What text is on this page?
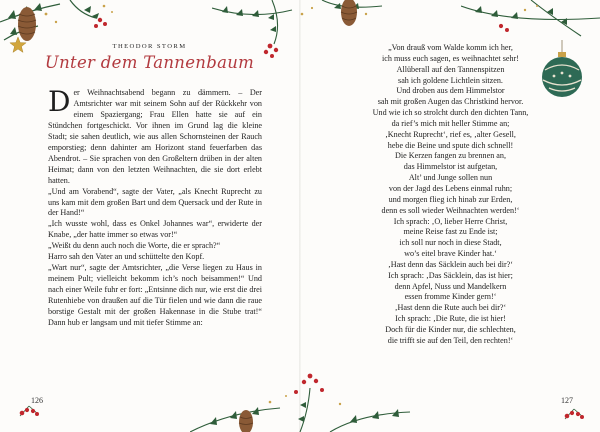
THEODOR STORM
Unter dem Tannenbaum

Der Weihnachtsabend begann zu dämmern. – Der Amtsrichter war mit seinem Sohn auf der Rückkehr von einem Spaziergang; Frau Ellen hatte sie auf ein Stündchen fortgeschickt. Vor ihnen im Grund lag die kleine Stadt; sie sahen deutlich, wie aus allen Schornsteinen der Rauch emporstieg; denn dahinter am Horizont stand feuerfarben das Abendrot. – Sie sprachen von den Großeltern drüben in der alten Heimat; dann von den letzten Weihnachten, die sie dort erlebt hatten.

„Und am Vorabend“, sagte der Vater, „als Knecht Ruprecht zu uns kam mit dem großen Bart und dem Quersack und der Rute in der Hand!“

„Ich wusste wohl, dass es Onkel Johannes war“, erwiderte der Knabe, „der hatte immer so etwas vor!“

„Weißt du denn auch noch die Worte, die er sprach?“

Harro sah den Vater an und schüttelte den Kopf.

„Wart nur“, sagte der Amtsrichter, „die Verse liegen zu Haus in meinem Pult; vielleicht bekomm ich’s noch beisammen!“ Und nach einer Weile fuhr er fort: „Entsinne dich nur, wie erst die drei Rutenhiebe von draußen auf die Tür fielen und wie dann die raue borstige Gestalt mit der großen Hakennase in die Stube trat!“ Dann hub er langsam und mit tiefer Stimme an:

126	127
„Von drauß vom Walde komm ich her,
ich muss euch sagen, es weihnachtet sehr!
Allüberall auf den Tannenspitzen
sah ich goldene Lichtlein sitzen.
Und droben aus dem Himmelstor
sah mit großen Augen das Christkind hervor.
Und wie ich so strolcht durch den dichten Tann,
da rief’s mich mit heller Stimme an;
‚Knecht Ruprecht‘, rief es, ‚alter Gesell,
hebe die Beine und spute dich schnell!
Die Kerzen fangen zu brennen an,
das Himmelstor ist aufgetan,
Alt’ und Junge sollen nun
von der Jagd des Lebens einmal ruhn;
und morgen flieg ich hinab zur Erden,
denn es soll wieder Weihnachten werden!‘
Ich sprach: ‚O, lieber Herre Christ,
meine Reise fast zu Ende ist;
ich soll nur noch in diese Stadt,
wo’s eitel brave Kinder hat.‘
‚Hast denn das Säcklein auch bei dir?‘
Ich sprach: ‚Das Säcklein, das ist hier;
denn Apfel, Nuss und Mandelkern
essen fromme Kinder gern!‘
‚Hast denn die Rute auch bei dir?‘
Ich sprach: ‚Die Rute, die ist hier!
Doch für die Kinder nur, die schlechten,
die trifft sie auf den Teil, den rechten!‘
